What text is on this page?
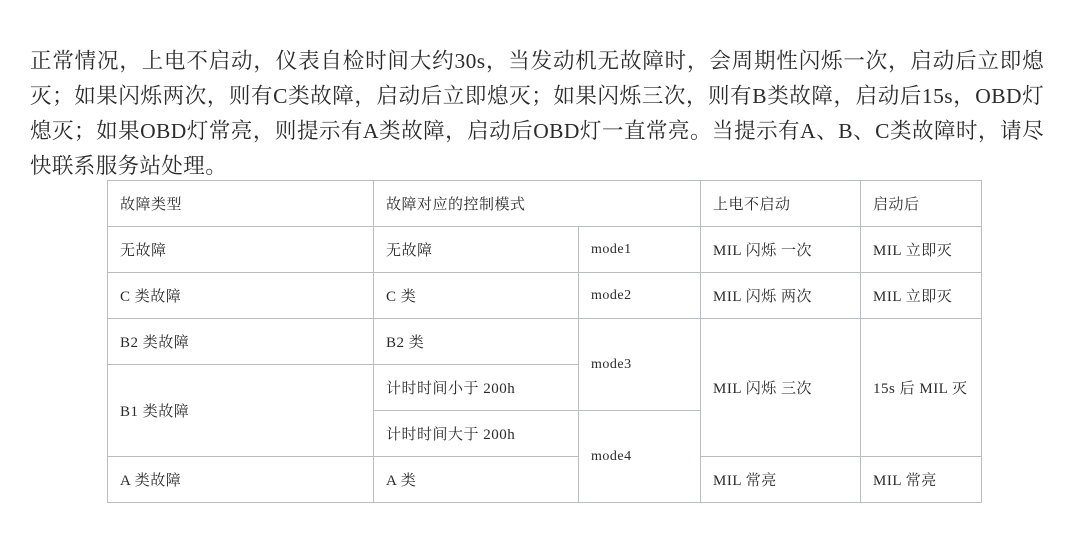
正常情况，上电不启动，仪表自检时间大约30s，当发动机无故障时，会周期性闪烁一次，启动后立即熄灭；如果闪烁两次，则有C类故障，启动后立即熄灭；如果闪烁三次，则有B类故障，启动后15s，OBD灯熄灭；如果OBD灯常亮，则提示有A类故障，启动后OBD灯一直常亮。当提示有A、B、C类故障时，请尽快联系服务站处理。

故障类型	故障对应的控制模式		上电不启动	启动后
无故障	无故障	mode1	MIL 闪烁 一次	MIL 立即灭
C 类故障	C 类	mode2	MIL 闪烁 两次	MIL 立即灭
B2 类故障	B2 类	mode3	MIL 闪烁 三次	15s 后 MIL 灭
B1 类故障	计时时间小于 200h			
	计时时间大于 200h	mode4		
A 类故障	A 类		MIL 常亮	MIL 常亮
